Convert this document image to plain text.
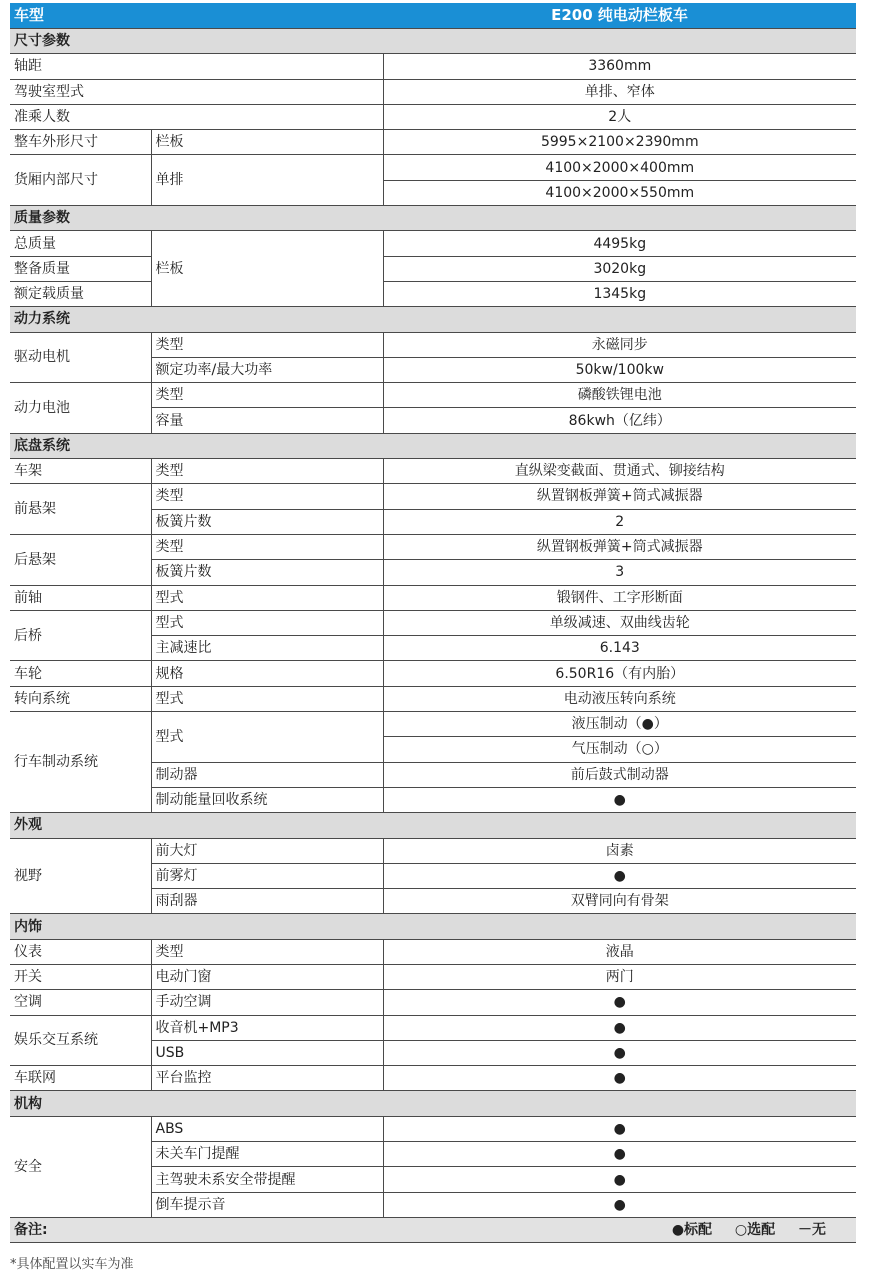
车型		E200 纯电动栏板车
尺寸参数		
轴距		3360mm
驾驶室型式		单排、窄体
准乘人数		2人
整车外形尺寸	栏板	5995×2100×2390mm
货厢内部尺寸	单排	4100×2000×400mm
		4100×2000×550mm
质量参数		
总质量	栏板	4495kg
整备质量		3020kg
额定载质量		1345kg
动力系统		
驱动电机	类型	永磁同步
	额定功率/最大功率	50kw/100kw
动力电池	类型	磷酸铁锂电池
	容量	86kwh（亿纬）
底盘系统		
车架	类型	直纵梁变截面、贯通式、铆接结构
前悬架	类型	纵置钢板弹簧+筒式减振器
	板簧片数	2
后悬架	类型	纵置钢板弹簧+筒式减振器
	板簧片数	3
前轴	型式	锻钢件、工字形断面
后桥	型式	单级减速、双曲线齿轮
	主减速比	6.143
车轮	规格	6.50R16（有内胎）
转向系统	型式	电动液压转向系统
行车制动系统	型式	液压制动（●）
		气压制动（○）
	制动器	前后鼓式制动器
	制动能量回收系统	●
外观		
视野	前大灯	卤素
	前雾灯	●
	雨刮器	双臂同向有骨架
内饰		
仪表	类型	液晶
开关	电动门窗	两门
空调	手动空调	●
娱乐交互系统	收音机+MP3	●
	USB	●
车联网	平台监控	●
机构		
安全	ABS	●
	未关车门提醒	●
	主驾驶未系安全带提醒	●
	倒车提示音	●
备注:	●标配 ○选配 －无	
*具体配置以实车为准
